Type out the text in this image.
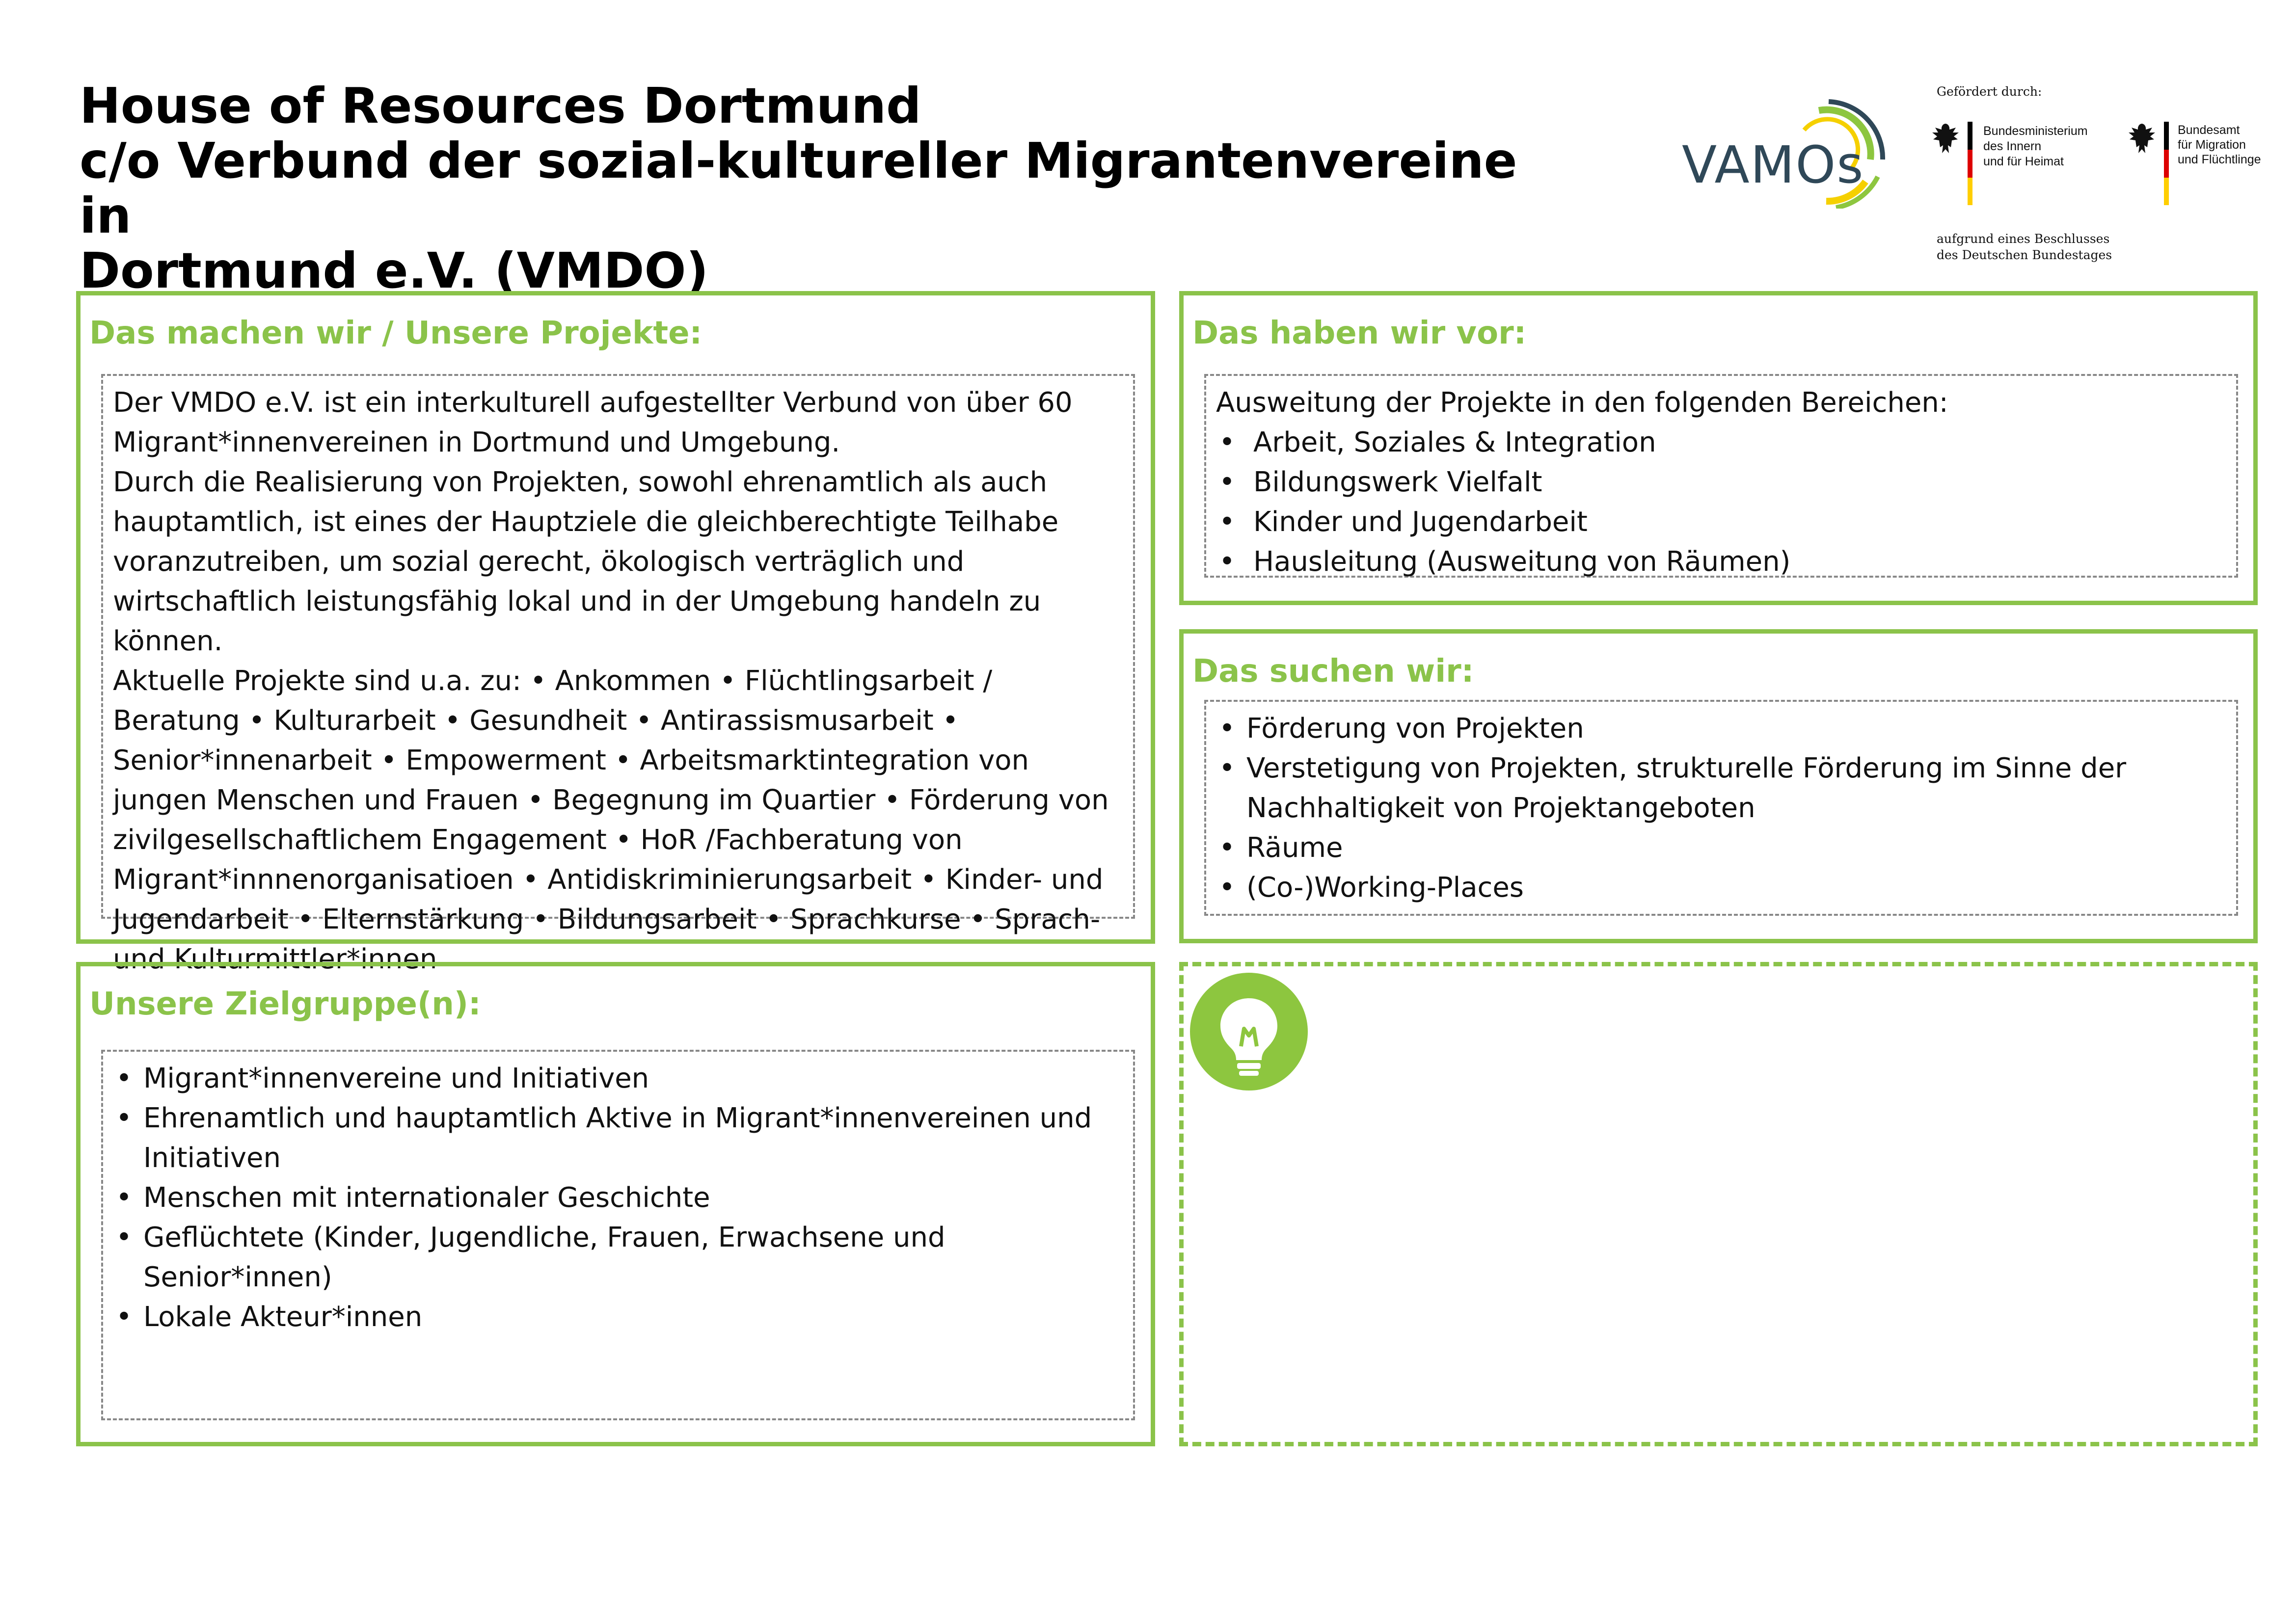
House of Resources Dortmund
c/o Verbund der sozial-kultureller Migrantenvereine in
Dortmund e.V. (VMDO)
VAMOs
Gefördert durch:
Bundesministerium
des Innern
und für Heimat
Bundesamt
für Migration
und Flüchtlinge
aufgrund eines Beschlusses
des Deutschen Bundestages
Das machen wir / Unsere Projekte:

Der VMDO e.V. ist ein interkulturell aufgestellter Verbund von über 60 Migrant*innenvereinen in Dortmund und Umgebung.

Durch die Realisierung von Projekten, sowohl ehrenamtlich als auch hauptamtlich, ist eines der Hauptziele die gleichberechtigte Teilhabe voranzutreiben, um sozial gerecht, ökologisch verträglich und wirtschaftlich leistungsfähig lokal und in der Umgebung handeln zu können.

Aktuelle Projekte sind u.a. zu: • Ankommen • Flüchtlingsarbeit / Beratung • Kulturarbeit • Gesundheit • Antirassismusarbeit • Senior*innenarbeit • Empowerment • Arbeitsmarktintegration von jungen Menschen und Frauen • Begegnung im Quartier • Förderung von zivilgesellschaftlichem Engagement • HoR /Fachberatung von Migrant*innnenorganisatioen • Antidiskriminierungsarbeit • Kinder- und Jugendarbeit • Elternstärkung • Bildungsarbeit • Sprachkurse • Sprach- und Kulturmittler*innen

Das haben wir vor:

Ausweitung der Projekte in den folgenden Bereichen:

• Arbeit, Soziales & Integration
• Bildungswerk Vielfalt
• Kinder und Jugendarbeit
• Hausleitung (Ausweitung von Räumen)
Das suchen wir:
• Förderung von Projekten
• Verstetigung von Projekten, strukturelle Förderung im Sinne der Nachhaltigkeit von Projektangeboten
• Räume
• (Co-)Working-Places
Unsere Zielgruppe(n):
• Migrant*innenvereine und Initiativen
• Ehrenamtlich und hauptamtlich Aktive in Migrant*innenvereinen und Initiativen
• Menschen mit internationaler Geschichte
• Geflüchtete (Kinder, Jugendliche, Frauen, Erwachsene und Senior*innen)
• Lokale Akteur*innen
